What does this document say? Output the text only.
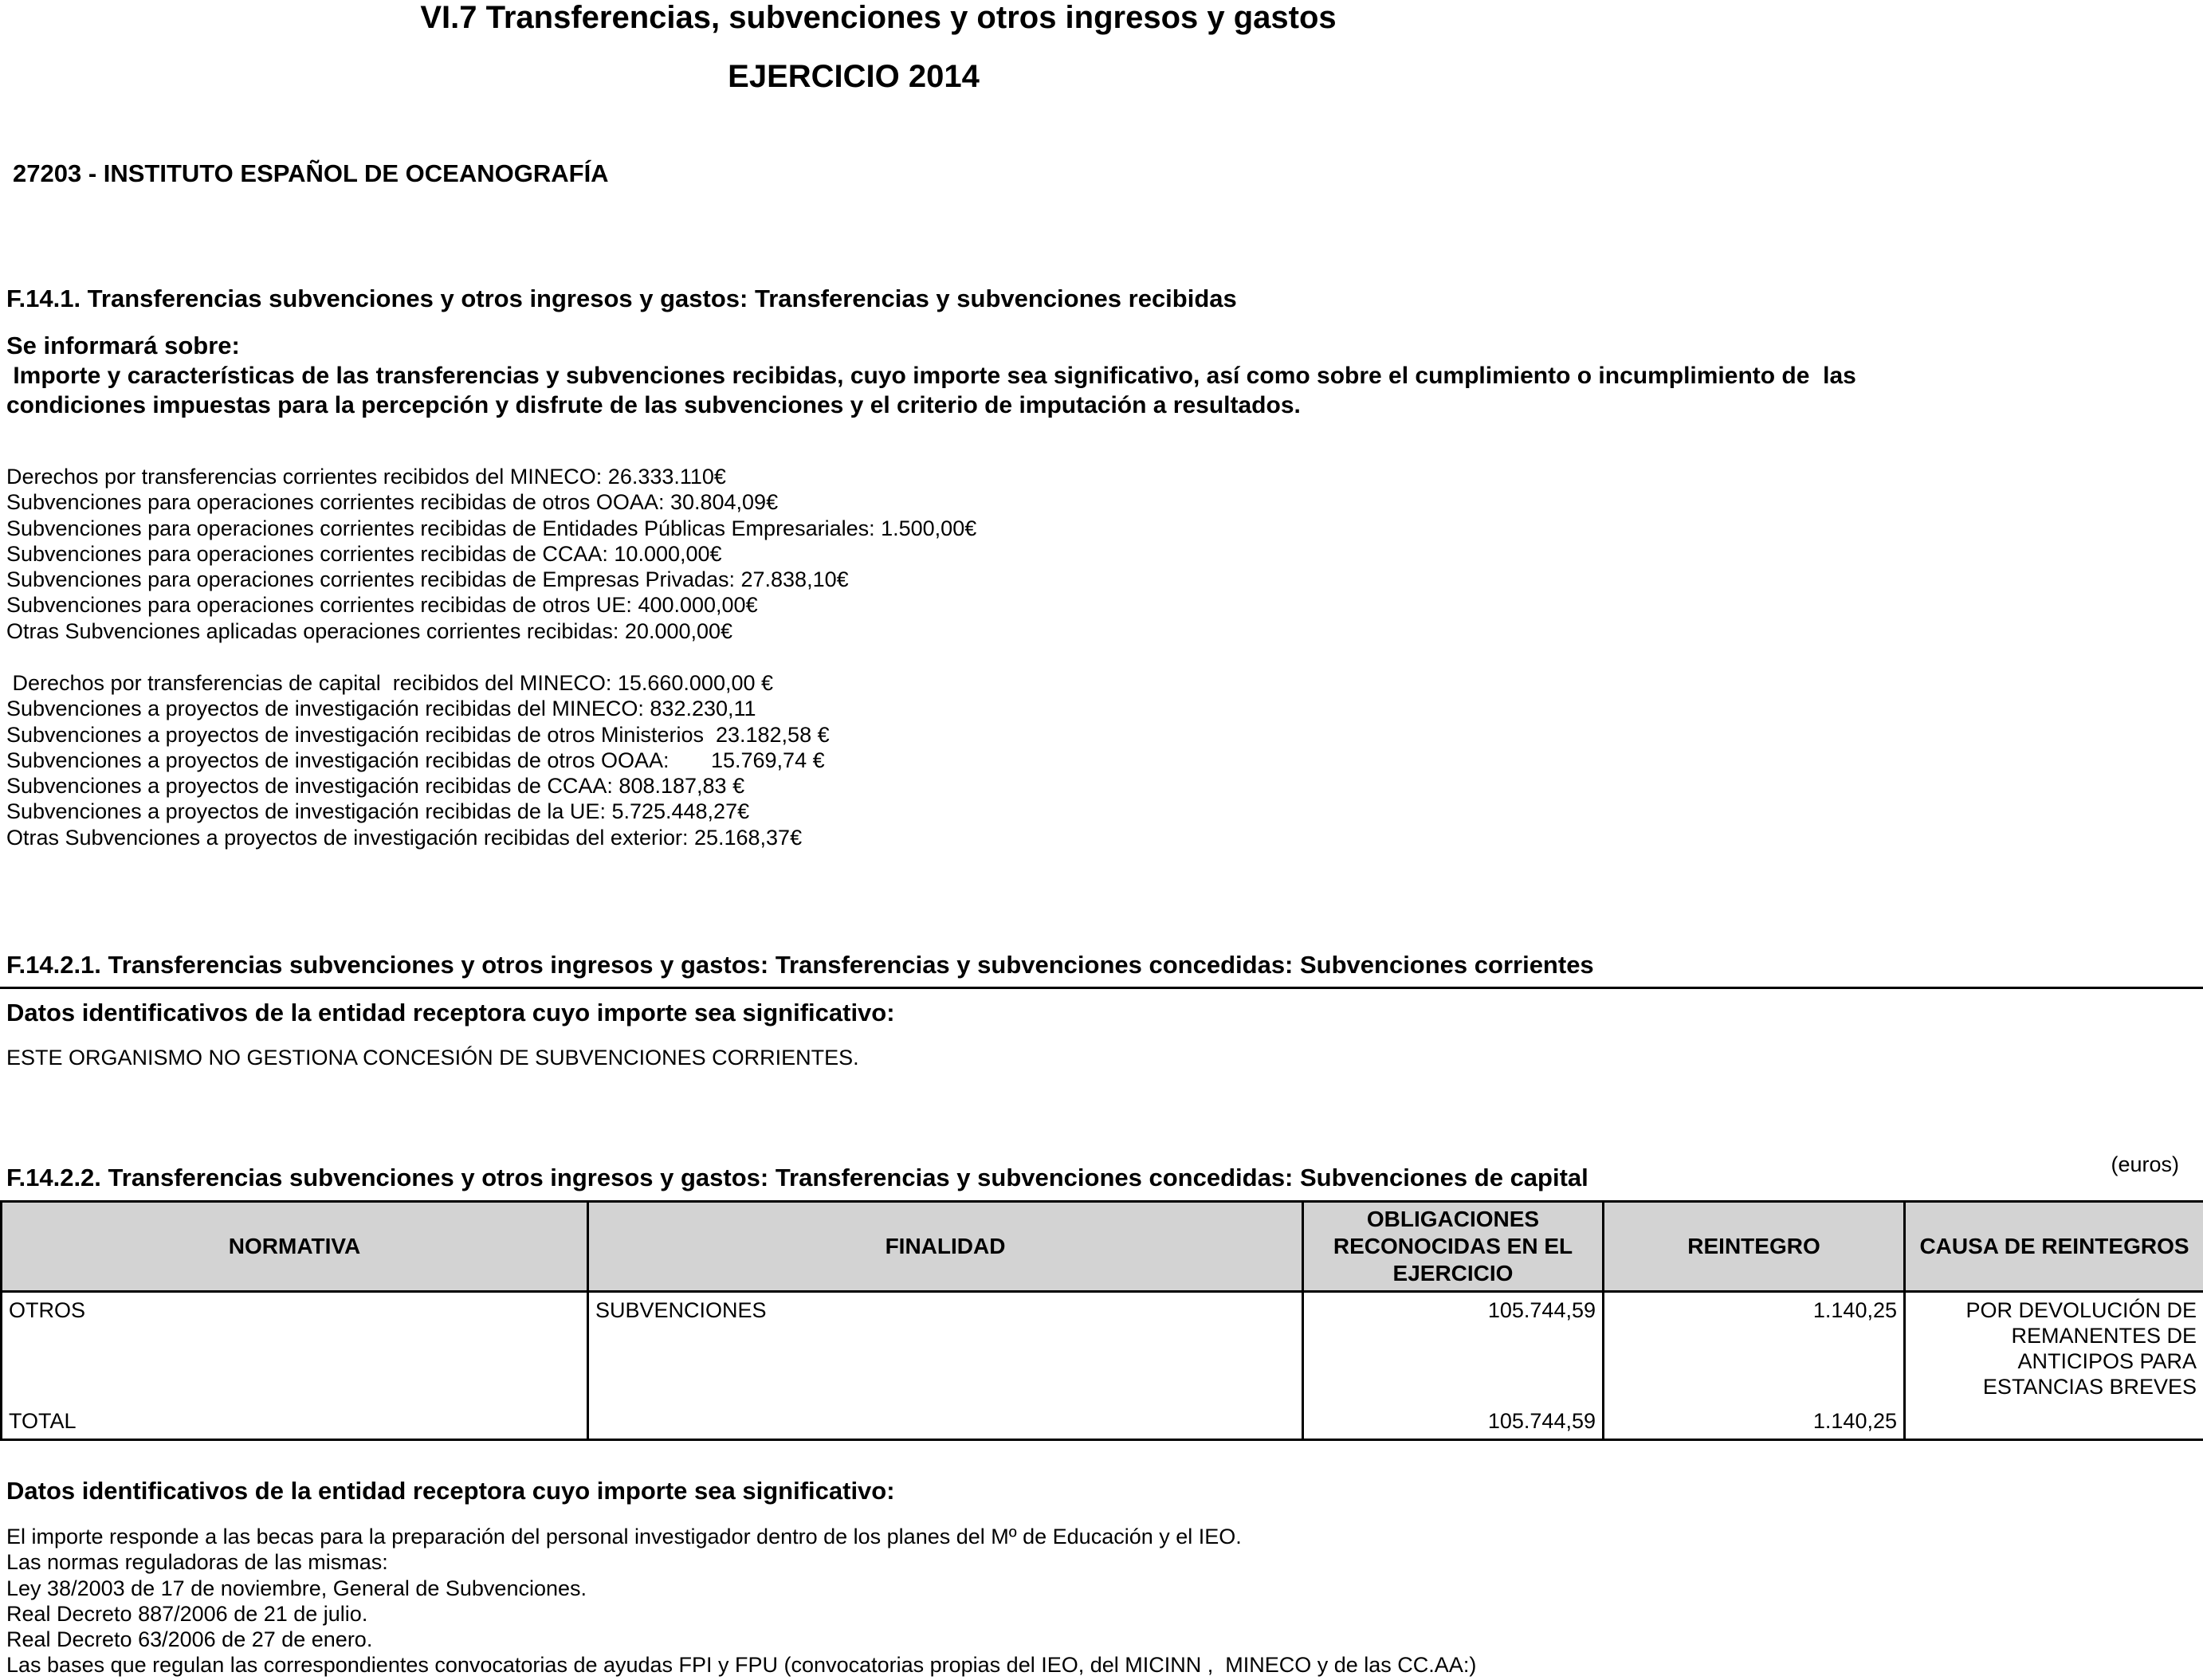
VI.7 Transferencias, subvenciones y otros ingresos y gastos
EJERCICIO 2014
27203 - INSTITUTO ESPAÑOL DE OCEANOGRAFÍA
F.14.1. Transferencias subvenciones y otros ingresos y gastos: Transferencias y subvenciones recibidas
Se informará sobre:
Importe y características de las transferencias y subvenciones recibidas, cuyo importe sea significativo, así como sobre el cumplimiento o incumplimiento de  las
condiciones impuestas para la percepción y disfrute de las subvenciones y el criterio de imputación a resultados.
Derechos por transferencias corrientes recibidos del MINECO: 26.333.110€
Subvenciones para operaciones corrientes recibidas de otros OOAA: 30.804,09€
Subvenciones para operaciones corrientes recibidas de Entidades Públicas Empresariales: 1.500,00€
Subvenciones para operaciones corrientes recibidas de CCAA: 10.000,00€
Subvenciones para operaciones corrientes recibidas de Empresas Privadas: 27.838,10€
Subvenciones para operaciones corrientes recibidas de otros UE: 400.000,00€
Otras Subvenciones aplicadas operaciones corrientes recibidas: 20.000,00€
Derechos por transferencias de capital  recibidos del MINECO: 15.660.000,00 €
Subvenciones a proyectos de investigación recibidas del MINECO: 832.230,11
Subvenciones a proyectos de investigación recibidas de otros Ministerios  23.182,58 €
Subvenciones a proyectos de investigación recibidas de otros OOAA:       15.769,74 €
Subvenciones a proyectos de investigación recibidas de CCAA: 808.187,83 €
Subvenciones a proyectos de investigación recibidas de la UE: 5.725.448,27€
Otras Subvenciones a proyectos de investigación recibidas del exterior: 25.168,37€
F.14.2.1. Transferencias subvenciones y otros ingresos y gastos: Transferencias y subvenciones concedidas: Subvenciones corrientes
Datos identificativos de la entidad receptora cuyo importe sea significativo:
ESTE ORGANISMO NO GESTIONA CONCESIÓN DE SUBVENCIONES CORRIENTES.
(euros)
F.14.2.2. Transferencias subvenciones y otros ingresos y gastos: Transferencias y subvenciones concedidas: Subvenciones de capital
NORMATIVA	FINALIDAD	OBLIGACIONES
RECONOCIDAS EN EL
EJERCICIO	REINTEGRO	CAUSA DE REINTEGROS
OTROS	SUBVENCIONES	105.744,59	1.140,25	POR DEVOLUCIÓN DE
REMANENTES DE
ANTICIPOS PARA
ESTANCIAS BREVES

TOTAL		105.744,59	1.140,25	
Datos identificativos de la entidad receptora cuyo importe sea significativo:
El importe responde a las becas para la preparación del personal investigador dentro de los planes del Mº de Educación y el IEO.
Las normas reguladoras de las mismas:
Ley 38/2003 de 17 de noviembre, General de Subvenciones.
Real Decreto 887/2006 de 21 de julio.
Real Decreto 63/2006 de 27 de enero.
Las bases que regulan las correspondientes convocatorias de ayudas FPI y FPU (convocatorias propias del IEO, del MICINN ,  MINECO y de las CC.AA:)
